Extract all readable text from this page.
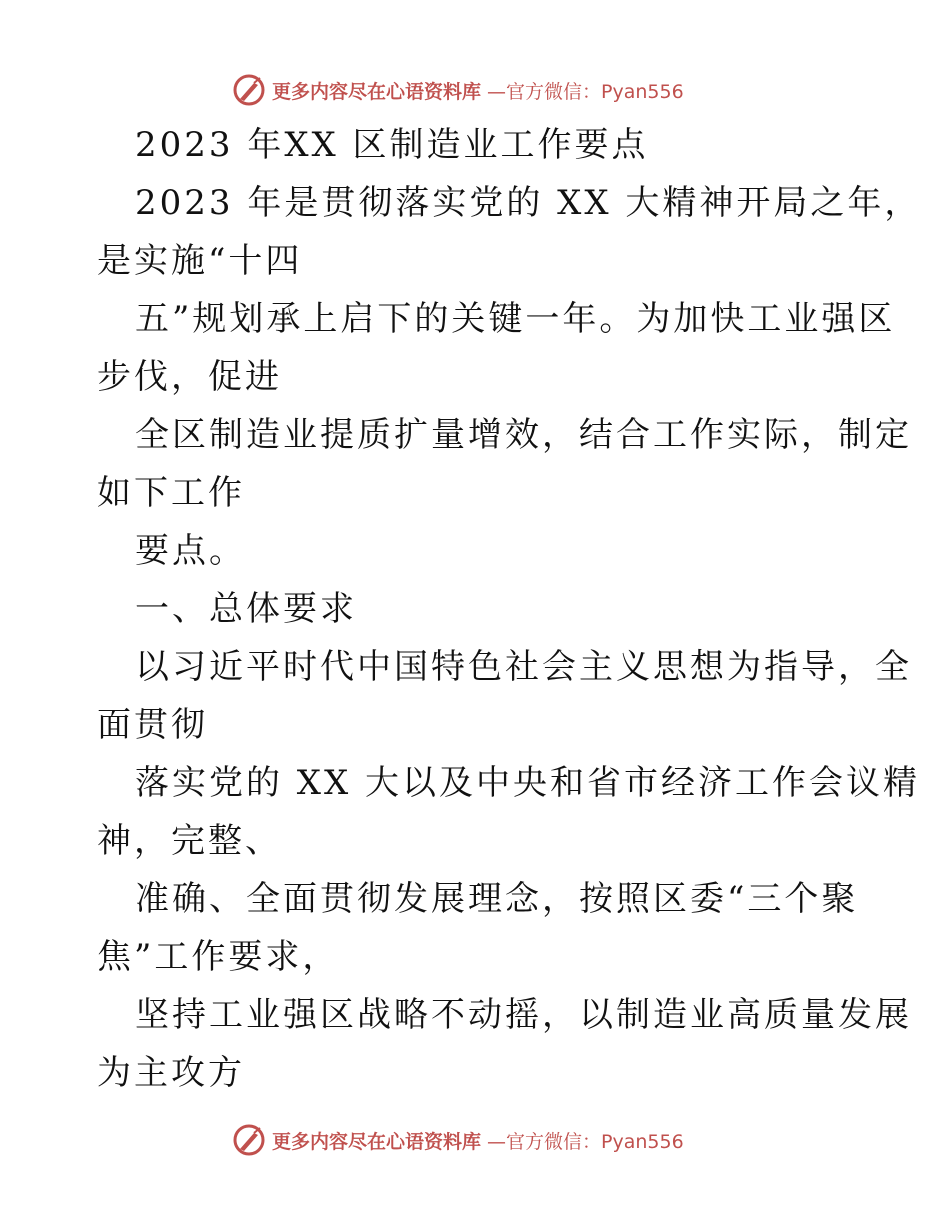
更多内容尽在心语资料库 —官方微信：Pyan556
2023 年XX 区制造业工作要点
2023 年是贯彻落实党的 XX 大精神开局之年，
是实施“十四
五”规划承上启下的关键一年。为加快工业强区
步伐，促进
全区制造业提质扩量增效，结合工作实际，制定
如下工作
要点。
一、总体要求
以习近平时代中国特色社会主义思想为指导，全
面贯彻
落实党的 XX 大以及中央和省市经济工作会议精
神，完整、
准确、全面贯彻发展理念，按照区委“三个聚
焦”工作要求，
坚持工业强区战略不动摇，以制造业高质量发展
为主攻方
更多内容尽在心语资料库 —官方微信：Pyan556
